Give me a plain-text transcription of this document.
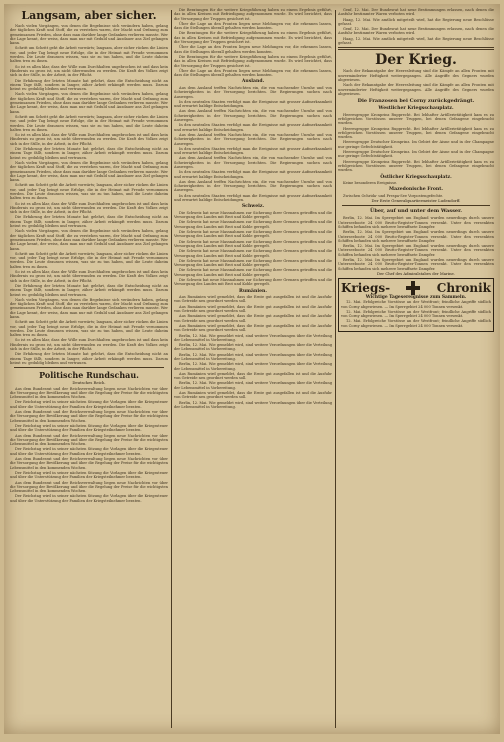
Langsam, aber sicher.

Nach vielen Vorgängen, von denen die Begebnisse sich verändern haben, gelang der täglichen Kraft und Stoff, die zu verstehen waren, der Macht und Ordnung zum gemeinsamen Frieden, ohne dass man darüber lange Gedanken verlieren musste. Wer die Lage kennt, der weiss, dass man nur mit Geduld und Ausdauer ans Ziel gelangen kann.

Schritt um Schritt geht die Arbeit vorwärts; langsam, aber sicher rücken die Linien vor, und jeder Tag bringt neue Erfolge, die in der Heimat mit Freude vernommen werden. Die Leute draussen wissen, was sie zu tun haben, und die Leute daheim halten treu zu ihnen.

So ist es allen klar, dass der Wille zum Durchhalten ungebrochen ist und dass kein Hindernis zu gross ist, um nicht überwunden zu werden. Die Kraft des Volkes zeigt sich in der Stille, in der Arbeit, in der Pflicht.

Die Erfahrung der letzten Monate hat gelehrt, dass die Entscheidung nicht an einem Tage fällt, sondern in langer, zäher Arbeit erkämpft werden muss. Darum heisst es: geduldig bleiben und vertrauen.

Nach vielen Vorgängen, von denen die Begebnisse sich verändern haben, gelang der täglichen Kraft und Stoff, die zu verstehen waren, der Macht und Ordnung zum gemeinsamen Frieden, ohne dass man darüber lange Gedanken verlieren musste. Wer die Lage kennt, der weiss, dass man nur mit Geduld und Ausdauer ans Ziel gelangen kann.

Schritt um Schritt geht die Arbeit vorwärts; langsam, aber sicher rücken die Linien vor, und jeder Tag bringt neue Erfolge, die in der Heimat mit Freude vernommen werden. Die Leute draussen wissen, was sie zu tun haben, und die Leute daheim halten treu zu ihnen.

So ist es allen klar, dass der Wille zum Durchhalten ungebrochen ist und dass kein Hindernis zu gross ist, um nicht überwunden zu werden. Die Kraft des Volkes zeigt sich in der Stille, in der Arbeit, in der Pflicht.

Die Erfahrung der letzten Monate hat gelehrt, dass die Entscheidung nicht an einem Tage fällt, sondern in langer, zäher Arbeit erkämpft werden muss. Darum heisst es: geduldig bleiben und vertrauen.

Nach vielen Vorgängen, von denen die Begebnisse sich verändern haben, gelang der täglichen Kraft und Stoff, die zu verstehen waren, der Macht und Ordnung zum gemeinsamen Frieden, ohne dass man darüber lange Gedanken verlieren musste. Wer die Lage kennt, der weiss, dass man nur mit Geduld und Ausdauer ans Ziel gelangen kann.

Schritt um Schritt geht die Arbeit vorwärts; langsam, aber sicher rücken die Linien vor, und jeder Tag bringt neue Erfolge, die in der Heimat mit Freude vernommen werden. Die Leute draussen wissen, was sie zu tun haben, und die Leute daheim halten treu zu ihnen.

So ist es allen klar, dass der Wille zum Durchhalten ungebrochen ist und dass kein Hindernis zu gross ist, um nicht überwunden zu werden. Die Kraft des Volkes zeigt sich in der Stille, in der Arbeit, in der Pflicht.

Die Erfahrung der letzten Monate hat gelehrt, dass die Entscheidung nicht an einem Tage fällt, sondern in langer, zäher Arbeit erkämpft werden muss. Darum heisst es: geduldig bleiben und vertrauen.

Nach vielen Vorgängen, von denen die Begebnisse sich verändern haben, gelang der täglichen Kraft und Stoff, die zu verstehen waren, der Macht und Ordnung zum gemeinsamen Frieden, ohne dass man darüber lange Gedanken verlieren musste. Wer die Lage kennt, der weiss, dass man nur mit Geduld und Ausdauer ans Ziel gelangen kann.

Schritt um Schritt geht die Arbeit vorwärts; langsam, aber sicher rücken die Linien vor, und jeder Tag bringt neue Erfolge, die in der Heimat mit Freude vernommen werden. Die Leute draussen wissen, was sie zu tun haben, und die Leute daheim halten treu zu ihnen.

So ist es allen klar, dass der Wille zum Durchhalten ungebrochen ist und dass kein Hindernis zu gross ist, um nicht überwunden zu werden. Die Kraft des Volkes zeigt sich in der Stille, in der Arbeit, in der Pflicht.

Die Erfahrung der letzten Monate hat gelehrt, dass die Entscheidung nicht an einem Tage fällt, sondern in langer, zäher Arbeit erkämpft werden muss. Darum heisst es: geduldig bleiben und vertrauen.

Nach vielen Vorgängen, von denen die Begebnisse sich verändern haben, gelang der täglichen Kraft und Stoff, die zu verstehen waren, der Macht und Ordnung zum gemeinsamen Frieden, ohne dass man darüber lange Gedanken verlieren musste. Wer die Lage kennt, der weiss, dass man nur mit Geduld und Ausdauer ans Ziel gelangen kann.

Schritt um Schritt geht die Arbeit vorwärts; langsam, aber sicher rücken die Linien vor, und jeder Tag bringt neue Erfolge, die in der Heimat mit Freude vernommen werden. Die Leute draussen wissen, was sie zu tun haben, und die Leute daheim halten treu zu ihnen.

So ist es allen klar, dass der Wille zum Durchhalten ungebrochen ist und dass kein Hindernis zu gross ist, um nicht überwunden zu werden. Die Kraft des Volkes zeigt sich in der Stille, in der Arbeit, in der Pflicht.

Die Erfahrung der letzten Monate hat gelehrt, dass die Entscheidung nicht an einem Tage fällt, sondern in langer, zäher Arbeit erkämpft werden muss. Darum heisst es: geduldig bleiben und vertrauen.

Politische Rundschau.
Deutsches Reich.

Aus dem Bundesrat und der Reichsverwaltung liegen neue Nachrichten vor über die Versorgung der Bevölkerung und über die Regelung der Preise für die wichtigsten Lebensmittel in den kommenden Wochen.

Der Reichstag wird in seiner nächsten Sitzung die Vorlagen über die Kriegssteuer und über die Unterstützung der Familien der Kriegsteilnehmer beraten.

Aus dem Bundesrat und der Reichsverwaltung liegen neue Nachrichten vor über die Versorgung der Bevölkerung und über die Regelung der Preise für die wichtigsten Lebensmittel in den kommenden Wochen.

Der Reichstag wird in seiner nächsten Sitzung die Vorlagen über die Kriegssteuer und über die Unterstützung der Familien der Kriegsteilnehmer beraten.

Aus dem Bundesrat und der Reichsverwaltung liegen neue Nachrichten vor über die Versorgung der Bevölkerung und über die Regelung der Preise für die wichtigsten Lebensmittel in den kommenden Wochen.

Der Reichstag wird in seiner nächsten Sitzung die Vorlagen über die Kriegssteuer und über die Unterstützung der Familien der Kriegsteilnehmer beraten.

Aus dem Bundesrat und der Reichsverwaltung liegen neue Nachrichten vor über die Versorgung der Bevölkerung und über die Regelung der Preise für die wichtigsten Lebensmittel in den kommenden Wochen.

Der Reichstag wird in seiner nächsten Sitzung die Vorlagen über die Kriegssteuer und über die Unterstützung der Familien der Kriegsteilnehmer beraten.

Aus dem Bundesrat und der Reichsverwaltung liegen neue Nachrichten vor über die Versorgung der Bevölkerung und über die Regelung der Preise für die wichtigsten Lebensmittel in den kommenden Wochen.

Der Reichstag wird in seiner nächsten Sitzung die Vorlagen über die Kriegssteuer und über die Unterstützung der Familien der Kriegsteilnehmer beraten.

Die Beratungen für die weitere Kriegsführung haben zu einem Ergebnis geführt, das in allen Kreisen mit Befriedigung aufgenommen wurde. Es wird berichtet, dass die Versorgung der Truppen gesichert ist.

Über die Lage an den Fronten liegen neue Meldungen vor, die erkennen lassen, dass die Stellungen überall gehalten werden konnten.

Die Beratungen für die weitere Kriegsführung haben zu einem Ergebnis geführt, das in allen Kreisen mit Befriedigung aufgenommen wurde. Es wird berichtet, dass die Versorgung der Truppen gesichert ist.

Über die Lage an den Fronten liegen neue Meldungen vor, die erkennen lassen, dass die Stellungen überall gehalten werden konnten.

Die Beratungen für die weitere Kriegsführung haben zu einem Ergebnis geführt, das in allen Kreisen mit Befriedigung aufgenommen wurde. Es wird berichtet, dass die Versorgung der Truppen gesichert ist.

Über die Lage an den Fronten liegen neue Meldungen vor, die erkennen lassen, dass die Stellungen überall gehalten werden konnten.

Ausland.

Aus dem Ausland treffen Nachrichten ein, die von wachsender Unruhe und von Schwierigkeiten in der Versorgung berichten. Die Regierungen suchen nach Auswegen.

In den neutralen Staaten verfolgt man die Ereignisse mit grosser Aufmerksamkeit und erwartet baldige Entscheidungen.

Aus dem Ausland treffen Nachrichten ein, die von wachsender Unruhe und von Schwierigkeiten in der Versorgung berichten. Die Regierungen suchen nach Auswegen.

In den neutralen Staaten verfolgt man die Ereignisse mit grosser Aufmerksamkeit und erwartet baldige Entscheidungen.

Aus dem Ausland treffen Nachrichten ein, die von wachsender Unruhe und von Schwierigkeiten in der Versorgung berichten. Die Regierungen suchen nach Auswegen.

In den neutralen Staaten verfolgt man die Ereignisse mit grosser Aufmerksamkeit und erwartet baldige Entscheidungen.

Aus dem Ausland treffen Nachrichten ein, die von wachsender Unruhe und von Schwierigkeiten in der Versorgung berichten. Die Regierungen suchen nach Auswegen.

In den neutralen Staaten verfolgt man die Ereignisse mit grosser Aufmerksamkeit und erwartet baldige Entscheidungen.

Aus dem Ausland treffen Nachrichten ein, die von wachsender Unruhe und von Schwierigkeiten in der Versorgung berichten. Die Regierungen suchen nach Auswegen.

In den neutralen Staaten verfolgt man die Ereignisse mit grosser Aufmerksamkeit und erwartet baldige Entscheidungen.

Schweiz.

Die Schweiz hat neue Massnahmen zur Sicherung ihrer Grenzen getroffen und die Versorgung des Landes mit Brot und Kohle geregelt.

Die Schweiz hat neue Massnahmen zur Sicherung ihrer Grenzen getroffen und die Versorgung des Landes mit Brot und Kohle geregelt.

Die Schweiz hat neue Massnahmen zur Sicherung ihrer Grenzen getroffen und die Versorgung des Landes mit Brot und Kohle geregelt.

Die Schweiz hat neue Massnahmen zur Sicherung ihrer Grenzen getroffen und die Versorgung des Landes mit Brot und Kohle geregelt.

Die Schweiz hat neue Massnahmen zur Sicherung ihrer Grenzen getroffen und die Versorgung des Landes mit Brot und Kohle geregelt.

Die Schweiz hat neue Massnahmen zur Sicherung ihrer Grenzen getroffen und die Versorgung des Landes mit Brot und Kohle geregelt.

Die Schweiz hat neue Massnahmen zur Sicherung ihrer Grenzen getroffen und die Versorgung des Landes mit Brot und Kohle geregelt.

Die Schweiz hat neue Massnahmen zur Sicherung ihrer Grenzen getroffen und die Versorgung des Landes mit Brot und Kohle geregelt.

Rumänien.

Aus Rumänien wird gemeldet, dass die Ernte gut ausgefallen ist und die Ausfuhr von Getreide neu geordnet werden soll.

Aus Rumänien wird gemeldet, dass die Ernte gut ausgefallen ist und die Ausfuhr von Getreide neu geordnet werden soll.

Aus Rumänien wird gemeldet, dass die Ernte gut ausgefallen ist und die Ausfuhr von Getreide neu geordnet werden soll.

Aus Rumänien wird gemeldet, dass die Ernte gut ausgefallen ist und die Ausfuhr von Getreide neu geordnet werden soll.

Berlin, 12. Mai. Wie gemeldet wird, sind weitere Verordnungen über die Verteilung der Lebensmittel in Vorbereitung.

Berlin, 12. Mai. Wie gemeldet wird, sind weitere Verordnungen über die Verteilung der Lebensmittel in Vorbereitung.

Berlin, 12. Mai. Wie gemeldet wird, sind weitere Verordnungen über die Verteilung der Lebensmittel in Vorbereitung.

Berlin, 12. Mai. Wie gemeldet wird, sind weitere Verordnungen über die Verteilung der Lebensmittel in Vorbereitung.

Aus Rumänien wird gemeldet, dass die Ernte gut ausgefallen ist und die Ausfuhr von Getreide neu geordnet werden soll.

Berlin, 12. Mai. Wie gemeldet wird, sind weitere Verordnungen über die Verteilung der Lebensmittel in Vorbereitung.

Aus Rumänien wird gemeldet, dass die Ernte gut ausgefallen ist und die Ausfuhr von Getreide neu geordnet werden soll.

Berlin, 12. Mai. Wie gemeldet wird, sind weitere Verordnungen über die Verteilung der Lebensmittel in Vorbereitung.

Genf, 12. Mai. Der Bundesrat hat neue Bestimmungen erlassen, nach denen die Ausfuhr bestimmter Waren verboten wird.

Haag, 12. Mai. Wie amtlich mitgeteilt wird, hat die Regierung neue Beschlüsse gefasst.

Genf, 12. Mai. Der Bundesrat hat neue Bestimmungen erlassen, nach denen die Ausfuhr bestimmter Waren verboten wird.

Haag, 12. Mai. Wie amtlich mitgeteilt wird, hat die Regierung neue Beschlüsse gefasst.

Der Krieg.

Nach der Bekanntgabe der Heeresleitung sind die Kämpfe an allen Fronten mit unverminderter Heftigkeit weitergegangen. Alle Angriffe des Gegners wurden abgewiesen.

Nach der Bekanntgabe der Heeresleitung sind die Kämpfe an allen Fronten mit unverminderter Heftigkeit weitergegangen. Alle Angriffe des Gegners wurden abgewiesen.

Die Franzosen bei Corny zurückgedrängt.
Westlicher Kriegsschauplatz.

Heeresgruppe Kronprinz Rupprecht. Bei lebhafter Artillerietätigkeit kam es zu erfolgreichen Vorstössen unserer Truppen, bei denen Gefangene eingebracht wurden.

Heeresgruppe Kronprinz Rupprecht. Bei lebhafter Artillerietätigkeit kam es zu erfolgreichen Vorstössen unserer Truppen, bei denen Gefangene eingebracht wurden.

Heeresgruppe Deutscher Kronprinz. Im Gebiet der Aisne und in der Champagne nur geringe Gefechtstätigkeit.

Heeresgruppe Deutscher Kronprinz. Im Gebiet der Aisne und in der Champagne nur geringe Gefechtstätigkeit.

Heeresgruppe Kronprinz Rupprecht. Bei lebhafter Artillerietätigkeit kam es zu erfolgreichen Vorstössen unserer Truppen, bei denen Gefangene eingebracht wurden.

Östlicher Kriegsschauplatz.

Keine besonderen Ereignisse.

Mazedonische Front.

Zwischen Ochrida- und Prespa-See Vorpostengefechte.

Der Erste Generalquartiermeister Ludendorff.
Über, auf und unter dem Wasser.

Berlin, 12. Mai. Im Sperrgebiet um England wurden neuerdings durch unsere Unterseeboote 24 000 Brutto-Register-Tonnen versenkt. Unter den versenkten Schiffen befanden sich mehrere bewaffnete Dampfer.

Berlin, 12. Mai. Im Sperrgebiet um England wurden neuerdings durch unsere Unterseeboote 24 000 Brutto-Register-Tonnen versenkt. Unter den versenkten Schiffen befanden sich mehrere bewaffnete Dampfer.

Berlin, 12. Mai. Im Sperrgebiet um England wurden neuerdings durch unsere Unterseeboote 24 000 Brutto-Register-Tonnen versenkt. Unter den versenkten Schiffen befanden sich mehrere bewaffnete Dampfer.

Berlin, 12. Mai. Im Sperrgebiet um England wurden neuerdings durch unsere Unterseeboote 24 000 Brutto-Register-Tonnen versenkt. Unter den versenkten Schiffen befanden sich mehrere bewaffnete Dampfer.

Der Chef des Admiralstabes der Marine.
Kriegs-	Chronik
Wichtige Tagesereignisse zum Sammeln.

12. Mai. Erfolgreiche Vorstösse an der Westfront; feindliche Angriffe südlich von Corny abgewiesen. — Im Sperrgebiet 24 000 Tonnen versenkt.

12. Mai. Erfolgreiche Vorstösse an der Westfront; feindliche Angriffe südlich von Corny abgewiesen. — Im Sperrgebiet 24 000 Tonnen versenkt.

12. Mai. Erfolgreiche Vorstösse an der Westfront; feindliche Angriffe südlich von Corny abgewiesen. — Im Sperrgebiet 24 000 Tonnen versenkt.
